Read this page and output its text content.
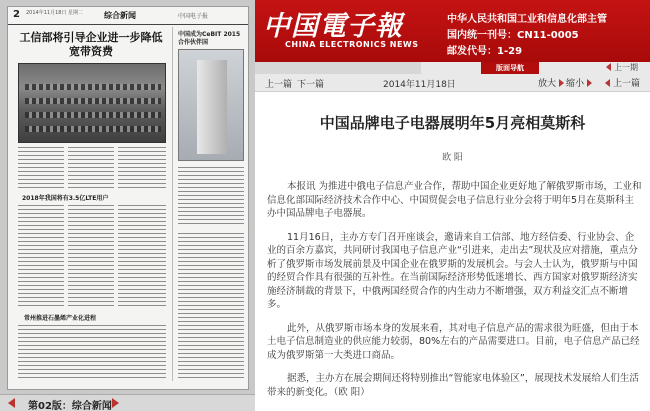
2 2014年11月18日 星期二	综合新闻	中国电子报
工信部将引导企业进一步降低宽带资费
2018年我国将有3.5亿LTE用户
常州推进石墨烯产业化进程
中国成为CeBIT 2015合作伙伴国
第02版：综合新闻
中国電子報
CHINA ELECTRONICS NEWS
中华人民共和国工业和信息化部主管
国内统一刊号：CN11-0005
邮发代号：1-29
版面导航	上一期
上一篇 下一篇	2014年11月18日	放大	缩小	上一篇
中国品牌电子电器展明年5月亮相莫斯科
欧 阳

本报讯 为推进中俄电子信息产业合作，帮助中国企业更好地了解俄罗斯市场，工业和信息化部国际经济技术合作中心、中国贸促会电子信息行业分会将于明年5月在莫斯科主办中国品牌电子电器展。

11月16日，主办方专门召开座谈会，邀请来自工信部、地方经信委、行业协会、企业的百余方嘉宾，共同研讨我国电子信息产业“引进来，走出去”现状及应对措施，重点分析了俄罗斯市场发展前景及中国企业在俄罗斯的发展机会。与会人士认为，俄罗斯与中国的经贸合作具有很强的互补性。在当前国际经济形势低迷增长、西方国家对俄罗斯经济实施经济制裁的背景下，中俄两国经贸合作的内生动力不断增强，双方利益交汇点不断增多。

此外，从俄罗斯市场本身的发展来看，其对电子信息产品的需求很为旺盛，但由于本土电子信息制造业的供应能力较弱，80%左右的产品需要进口。目前，电子信息产品已经成为俄罗斯第一大类进口商品。

据悉，主办方在展会期间还将特别推出“智能家电体验区”，展现技术发展给人们生活带来的新变化。（欧 阳）
